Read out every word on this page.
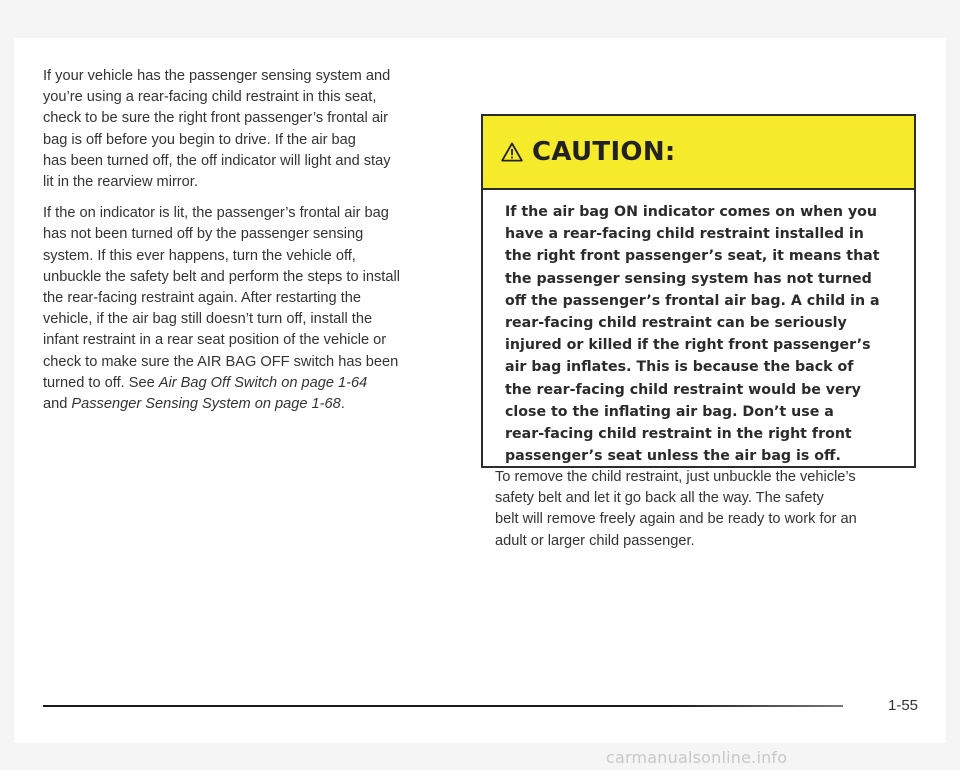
If your vehicle has the passenger sensing system and
you’re using a rear-facing child restraint in this seat,
check to be sure the right front passenger’s frontal air
bag is off before you begin to drive. If the air bag
has been turned off, the off indicator will light and stay
lit in the rearview mirror.

If the on indicator is lit, the passenger’s frontal air bag
has not been turned off by the passenger sensing
system. If this ever happens, turn the vehicle off,
unbuckle the safety belt and perform the steps to install
the rear-facing restraint again. After restarting the
vehicle, if the air bag still doesn’t turn off, install the
infant restraint in a rear seat position of the vehicle or
check to make sure the AIR BAG OFF switch has been
turned to off. See Air Bag Off Switch on page 1-64
and Passenger Sensing System on page 1-68.

CAUTION:
If the air bag ON indicator comes on when you
have a rear-facing child restraint installed in
the right front passenger’s seat, it means that
the passenger sensing system has not turned
off the passenger’s frontal air bag. A child in a
rear-facing child restraint can be seriously
injured or killed if the right front passenger’s
air bag inflates. This is because the back of
the rear-facing child restraint would be very
close to the inflating air bag. Don’t use a
rear-facing child restraint in the right front
passenger’s seat unless the air bag is off.
To remove the child restraint, just unbuckle the vehicle’s
safety belt and let it go back all the way. The safety
belt will remove freely again and be ready to work for an
adult or larger child passenger.
1-55
carmanualsonline.info
